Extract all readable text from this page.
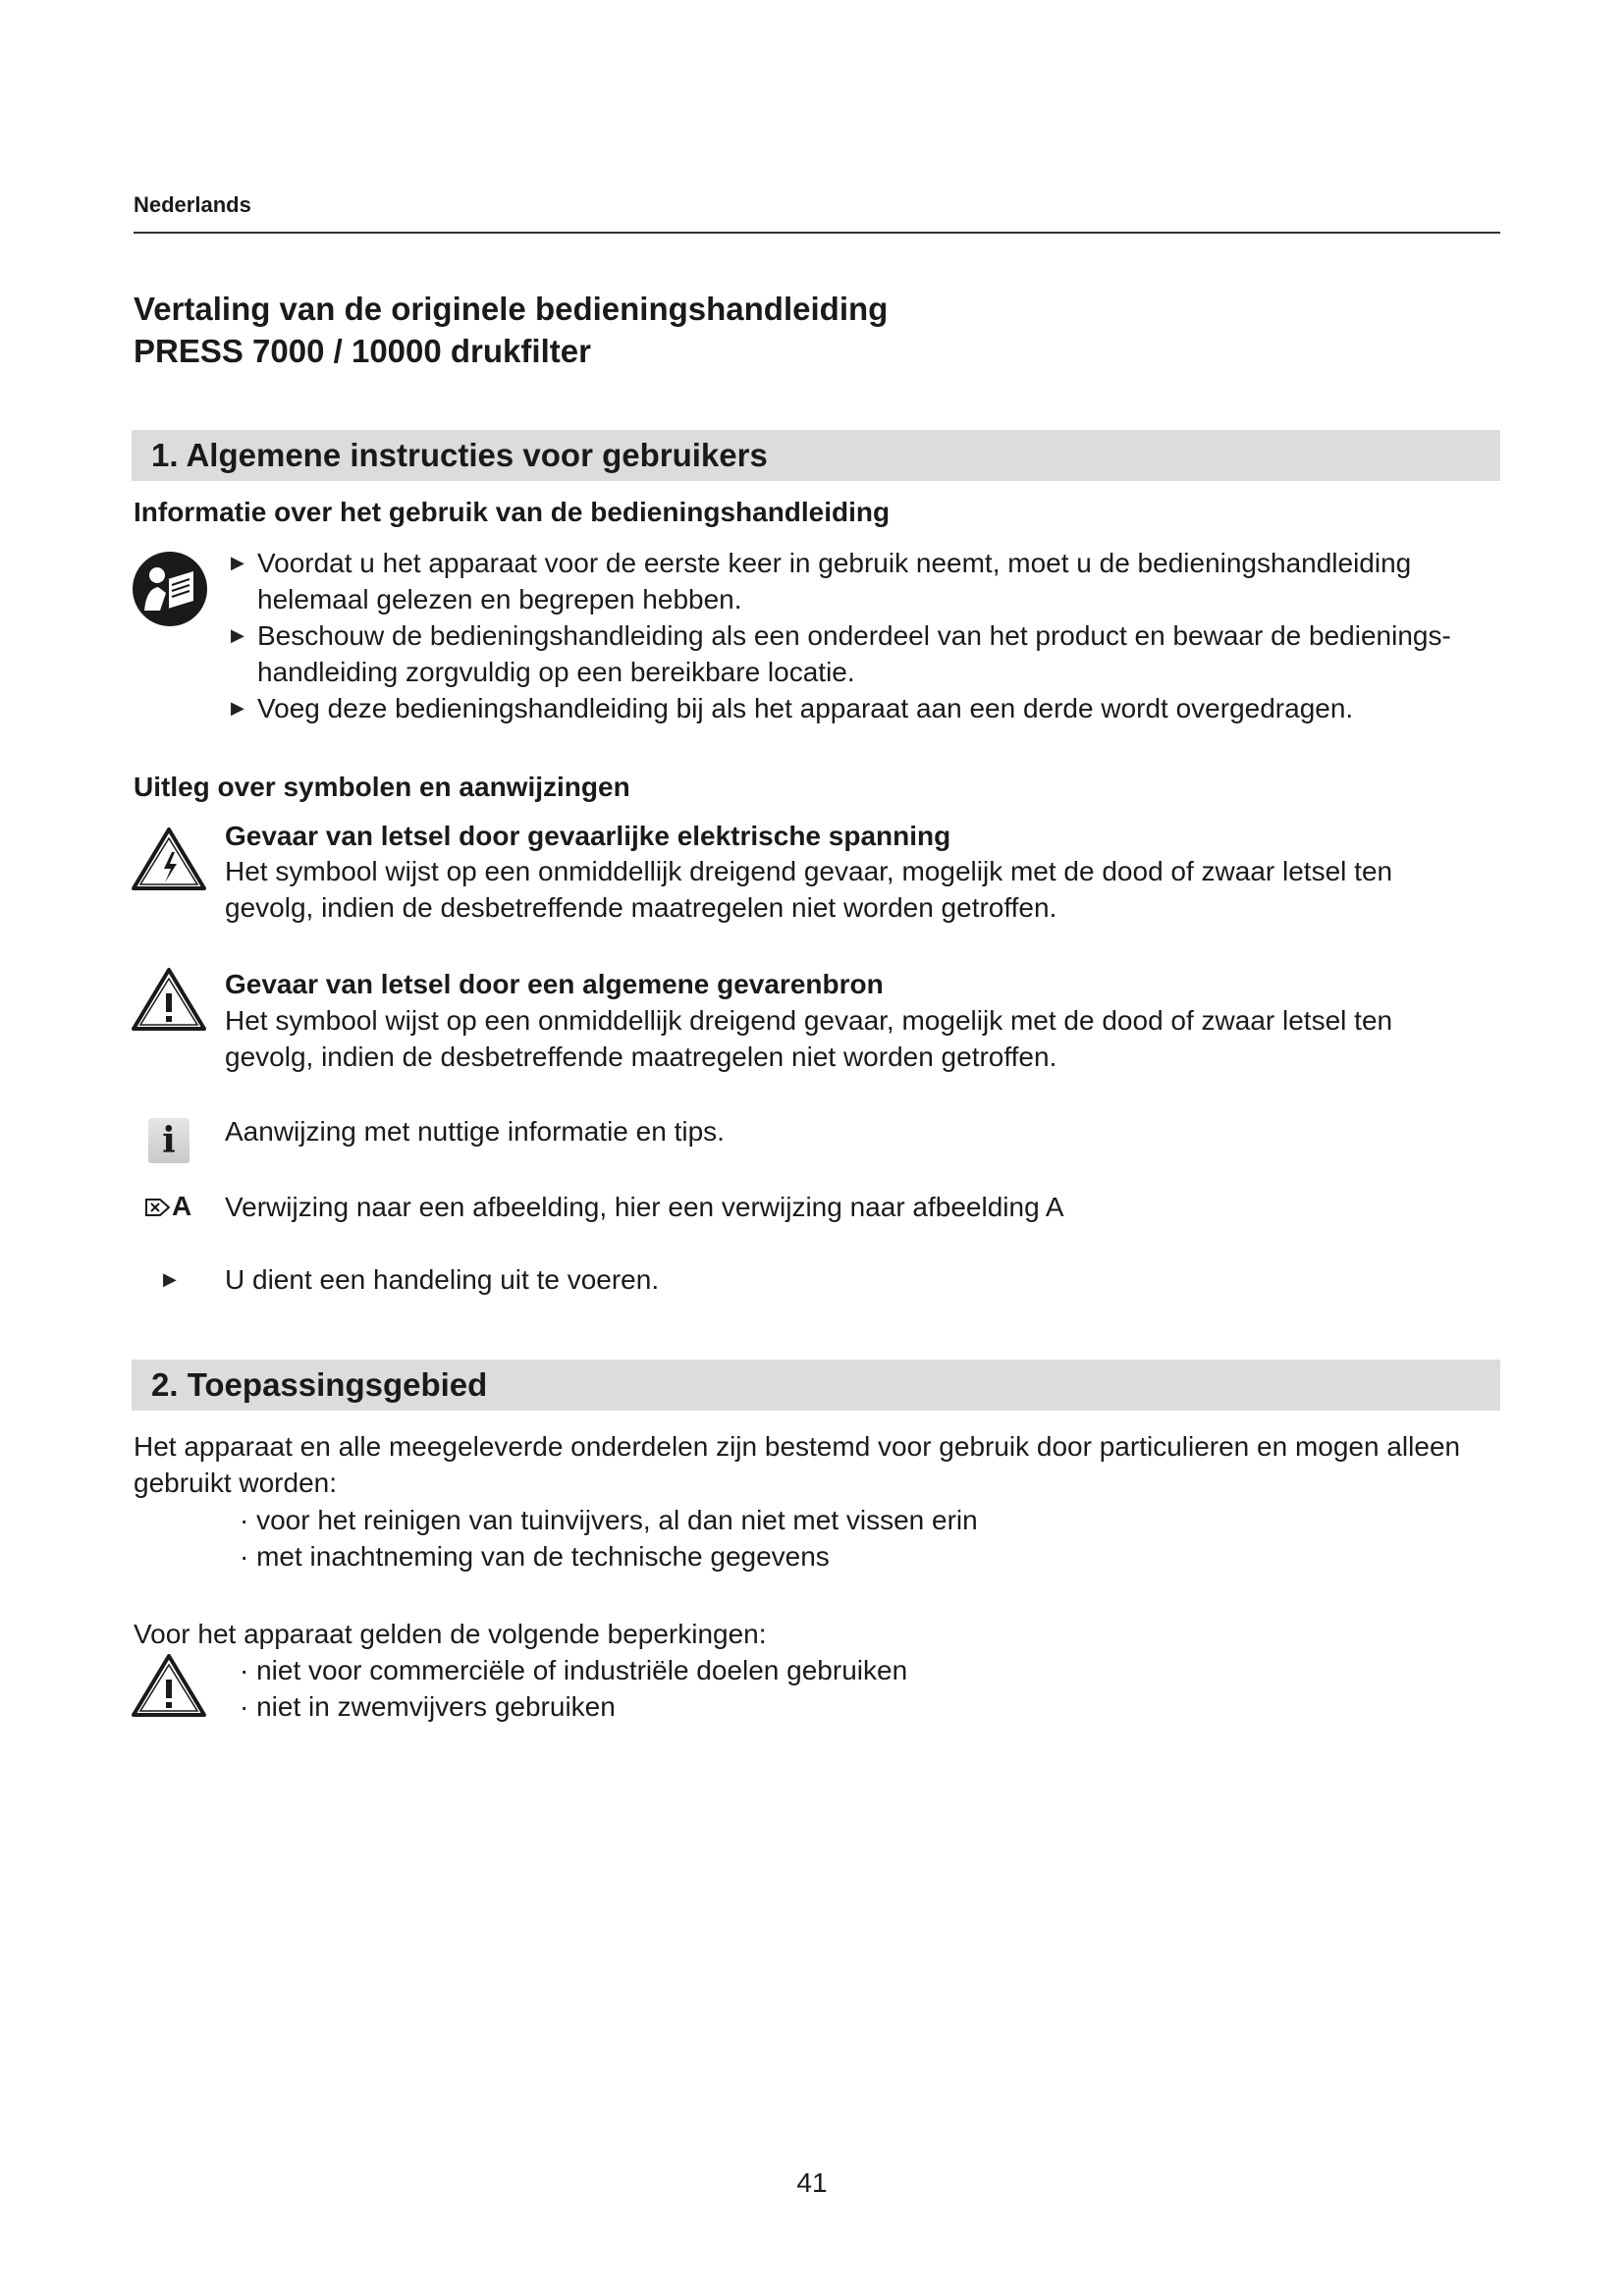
Nederlands
Vertaling van de originele bedieningshandleiding
PRESS 7000 / 10000 drukfilter
1. Algemene instructies voor gebruikers
Informatie over het gebruik van de bedieningshandleiding
▶ Voordat u het apparaat voor de eerste keer in gebruik neemt, moet u de bedieningshandleiding
helemaal gelezen en begrepen hebben.
▶ Beschouw de bedieningshandleiding als een onderdeel van het product en bewaar de bedienings-
handleiding zorgvuldig op een bereikbare locatie.
▶ Voeg deze bedieningshandleiding bij als het apparaat aan een derde wordt overgedragen.
Uitleg over symbolen en aanwijzingen
Gevaar van letsel door gevaarlijke elektrische spanning
Het symbool wijst op een onmiddellijk dreigend gevaar, mogelijk met de dood of zwaar letsel ten
gevolg, indien de desbetreffende maatregelen niet worden getroffen.
Gevaar van letsel door een algemene gevarenbron
Het symbool wijst op een onmiddellijk dreigend gevaar, mogelijk met de dood of zwaar letsel ten
gevolg, indien de desbetreffende maatregelen niet worden getroffen.
i	Aanwijzing met nuttige informatie en tips.
A Verwijzing naar een afbeelding, hier een verwijzing naar afbeelding A
▶ U dient een handeling uit te voeren.
2. Toepassingsgebied
Het apparaat en alle meegeleverde onderdelen zijn bestemd voor gebruik door particulieren en mogen alleen
gebruikt worden:
· voor het reinigen van tuinvijvers, al dan niet met vissen erin
· met inachtneming van de technische gegevens
Voor het apparaat gelden de volgende beperkingen:
· niet voor commerciële of industriële doelen gebruiken
· niet in zwemvijvers gebruiken
41
